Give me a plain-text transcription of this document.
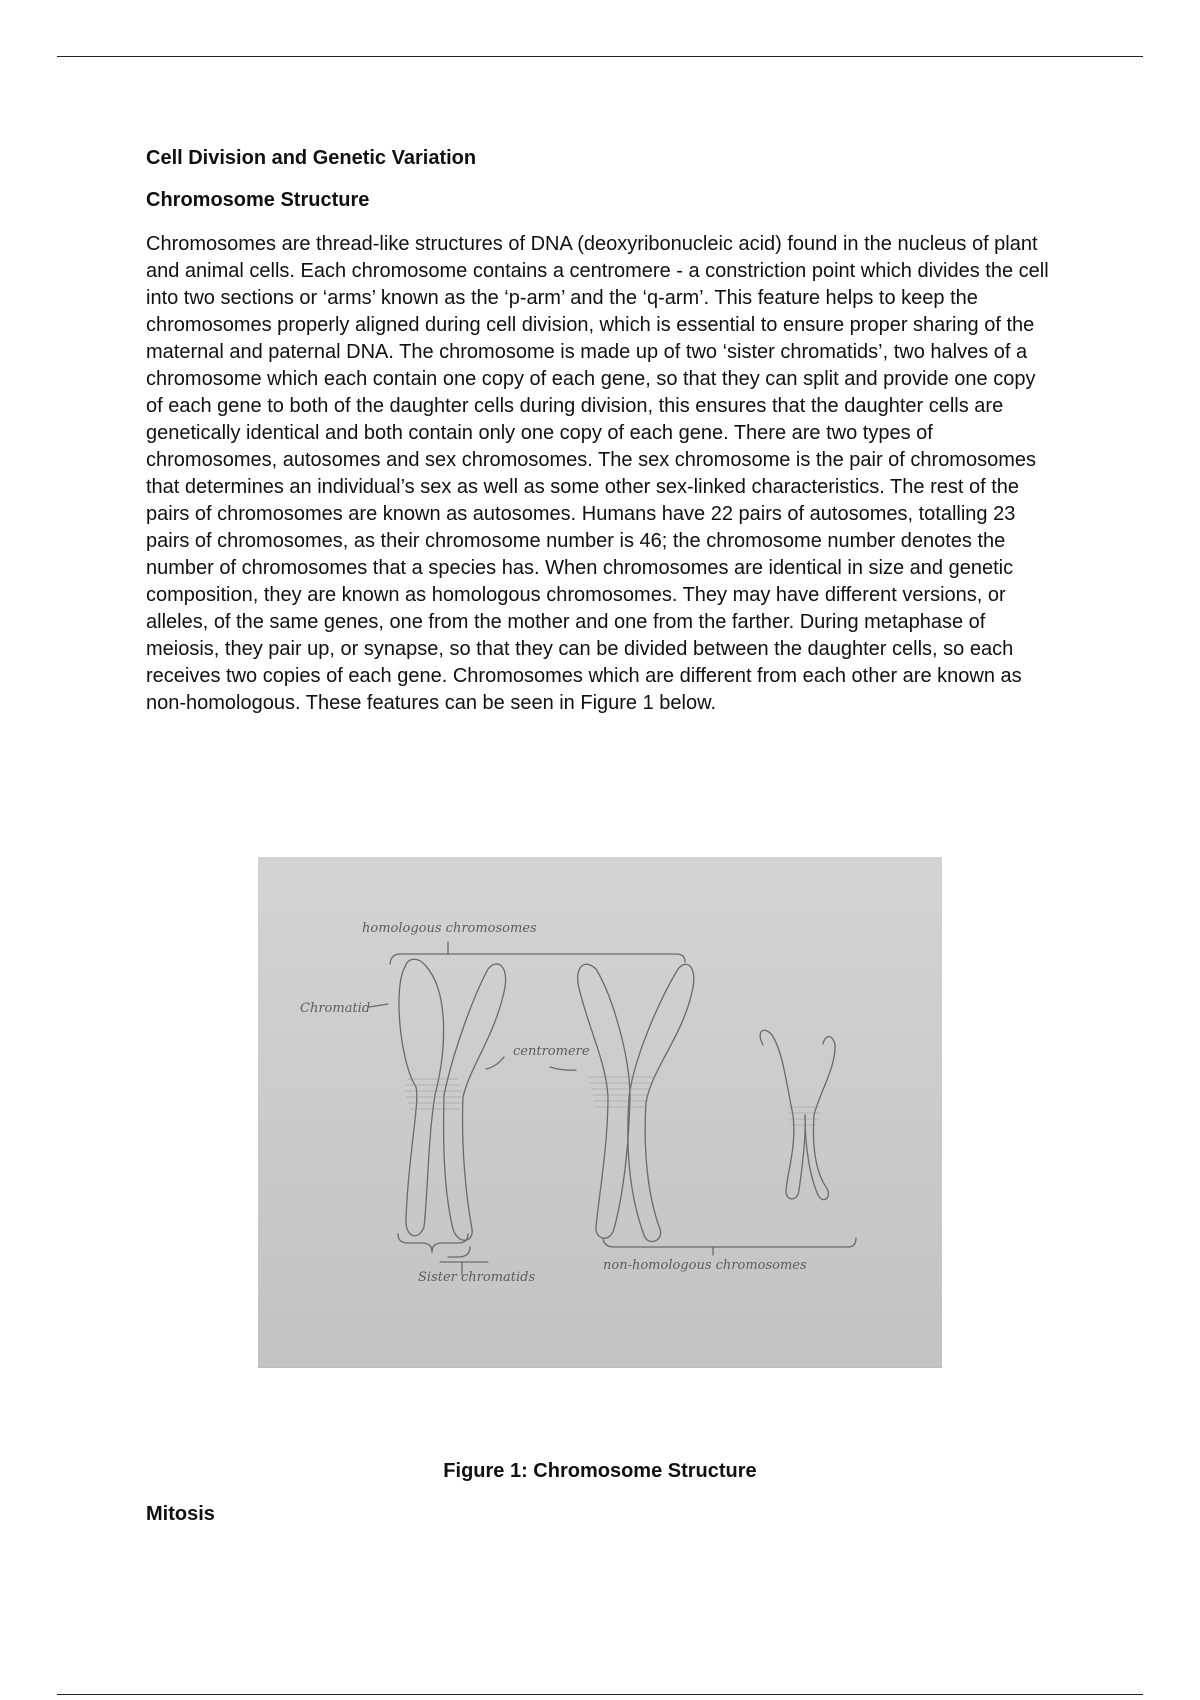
Cell Division and Genetic Variation
Chromosome Structure

Chromosomes are thread-like structures of DNA (deoxyribonucleic acid) found in the nucleus of plant and animal cells. Each chromosome contains a centromere - a constriction point which divides the cell into two sections or ‘arms’ known as the ‘p-arm’ and the ‘q-arm’. This feature helps to keep the chromosomes properly aligned during cell division, which is essential to ensure proper sharing of the maternal and paternal DNA. The chromosome is made up of two ‘sister chromatids’, two halves of a chromosome which each contain one copy of each gene, so that they can split and provide one copy of each gene to both of the daughter cells during division, this ensures that the daughter cells are genetically identical and both contain only one copy of each gene. There are two types of chromosomes, autosomes and sex chromosomes. The sex chromosome is the pair of chromosomes that determines an individual’s sex as well as some other sex-linked characteristics. The rest of the pairs of chromosomes are known as autosomes. Humans have 22 pairs of autosomes, totalling 23 pairs of chromosomes, as their chromosome number is 46; the chromosome number denotes the number of chromosomes that a species has. When chromosomes are identical in size and genetic composition, they are known as homologous chromosomes. They may have different versions, or alleles, of the same genes, one from the mother and one from the farther. During metaphase of meiosis, they pair up, or synapse, so that they can be divided between the daughter cells, so each receives two copies of each gene. Chromosomes which are different from each other are known as non-homologous. These features can be seen in Figure 1 below.

homologous chromosomes
Chromatid
centromere
Sister chromatids
non-homologous chromosomes
Figure 1: Chromosome Structure
Mitosis
